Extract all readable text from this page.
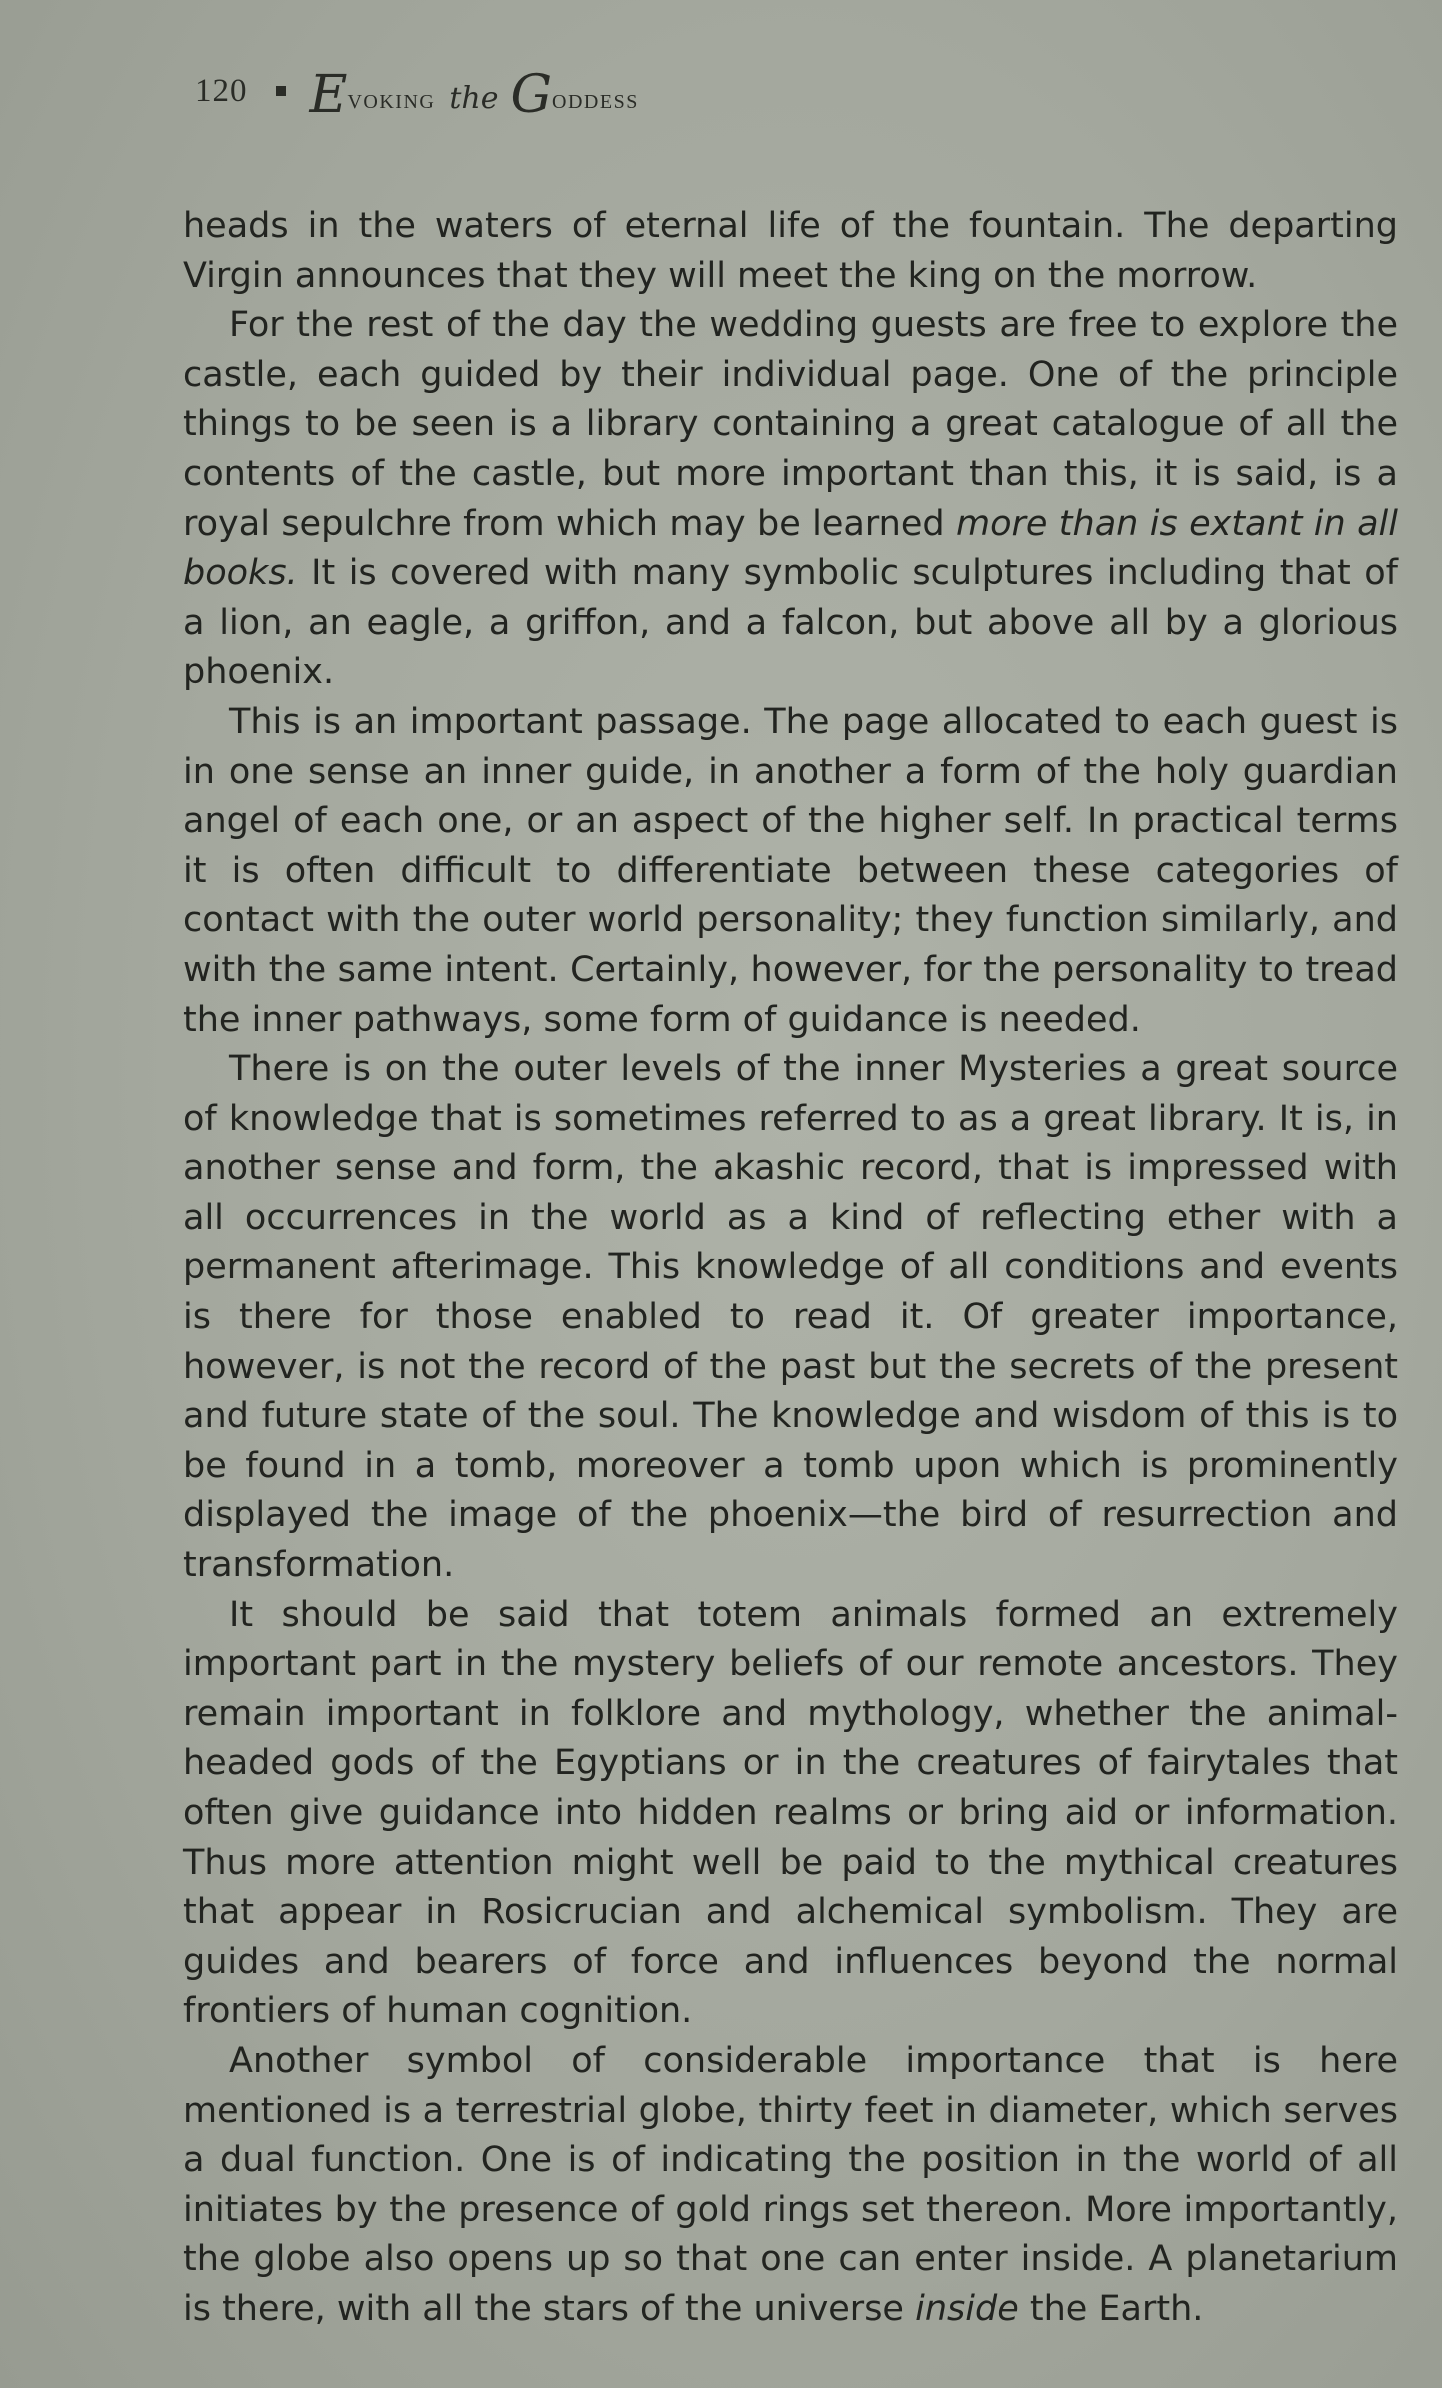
120 Evoking the Goddess

heads in the waters of eternal life of the fountain. The departing Virgin announces that they will meet the king on the morrow.

For the rest of the day the wedding guests are free to explore the castle, each guided by their individual page. One of the principle things to be seen is a library containing a great catalogue of all the contents of the castle, but more important than this, it is said, is a royal sepulchre from which may be learned more than is extant in all books. It is covered with many symbolic sculptures including that of a lion, an eagle, a griffon, and a falcon, but above all by a glorious phoenix.

This is an important passage. The page allocated to each guest is in one sense an inner guide, in another a form of the holy guardian angel of each one, or an aspect of the higher self. In practical terms it is often difficult to differentiate between these categories of contact with the outer world personality; they function similarly, and with the same intent. Certainly, however, for the personality to tread the inner pathways, some form of guidance is needed.

There is on the outer levels of the inner Mysteries a great source of knowledge that is sometimes referred to as a great library. It is, in another sense and form, the akashic record, that is impressed with all occurrences in the world as a kind of reflecting ether with a permanent afterimage. This knowledge of all conditions and events is there for those enabled to read it. Of greater importance, however, is not the record of the past but the secrets of the present and future state of the soul. The knowledge and wisdom of this is to be found in a tomb, moreover a tomb upon which is prominently displayed the image of the phoenix—the bird of resurrection and transformation.

It should be said that totem animals formed an extremely important part in the mystery beliefs of our remote ancestors. They remain important in folklore and mythology, whether the animal-headed gods of the Egyptians or in the creatures of fairytales that often give guidance into hidden realms or bring aid or information. Thus more attention might well be paid to the mythical creatures that appear in Rosicrucian and alchemical symbolism. They are guides and bearers of force and influences beyond the normal frontiers of human cognition.

Another symbol of considerable importance that is here mentioned is a terrestrial globe, thirty feet in diameter, which serves a dual function. One is of indicating the position in the world of all initiates by the presence of gold rings set thereon. More importantly, the globe also opens up so that one can enter inside. A planetarium is there, with all the stars of the universe inside the Earth.
